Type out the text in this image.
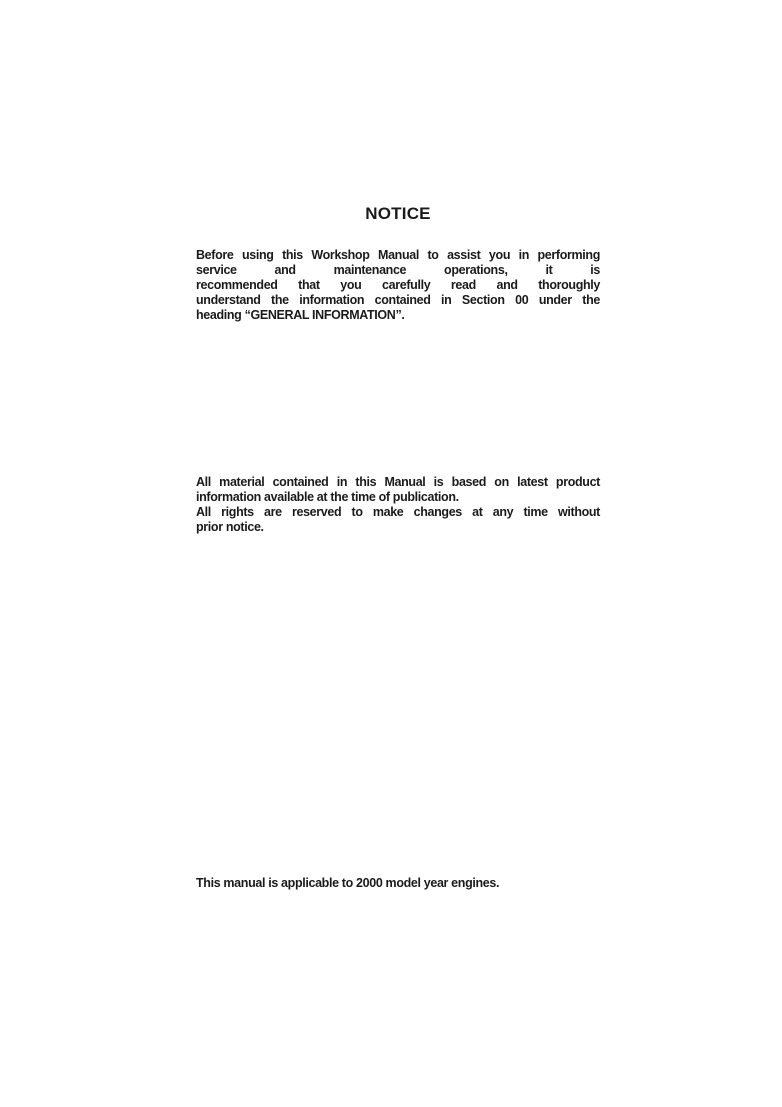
NOTICE
Before using this Workshop Manual to assist you in performing
service and maintenance operations, it is
recommended that you carefully read and thoroughly
understand the information contained in Section 00 under the
heading “GENERAL INFORMATION”.
All material contained in this Manual is based on latest product
information available at the time of publication.
All rights are reserved to make changes at any time without
prior notice.
This manual is applicable to 2000 model year engines.
